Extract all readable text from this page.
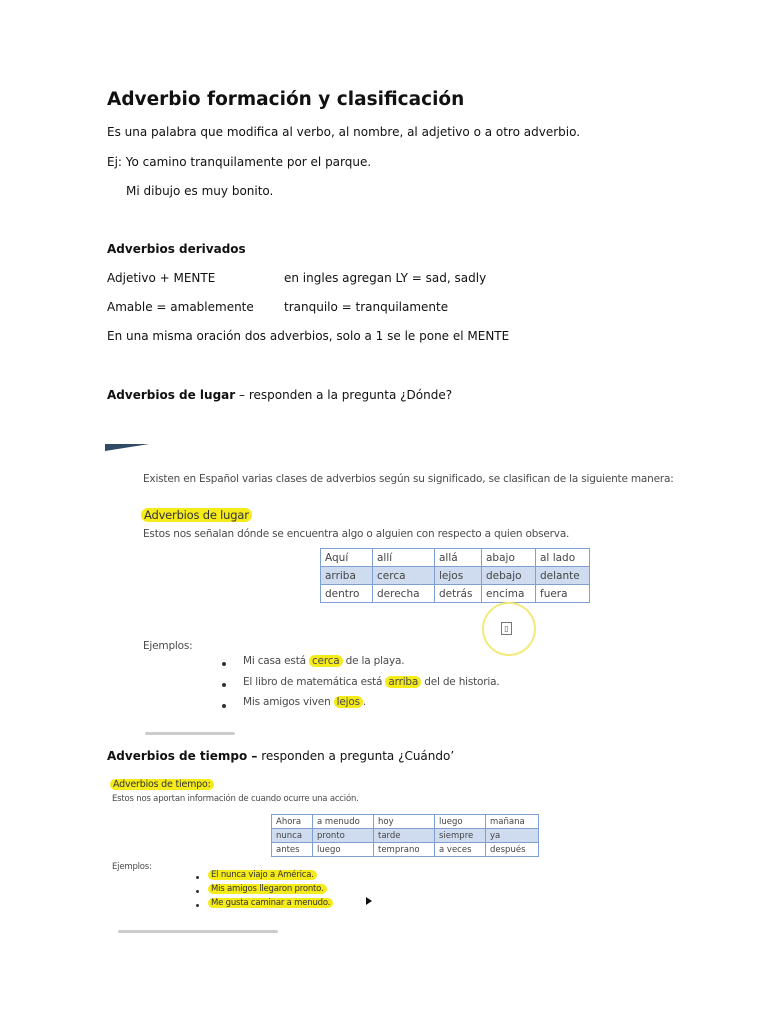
Adverbio formación y clasificación
Es una palabra que modifica al verbo, al nombre, al adjetivo o a otro adverbio.
Ej: Yo camino tranquilamente por el parque.
Mi dibujo es muy bonito.
Adverbios derivados
Adjetivo + MENTE	en ingles agregan LY = sad, sadly
Amable = amablemente	tranquilo = tranquilamente
En una misma oración dos adverbios, solo a 1 se le pone el MENTE
Adverbios de lugar – responden a la pregunta ¿Dónde?
Existen en Español varias clases de adverbios según su significado, se clasifican de la siguiente manera:
Adverbios de lugar
Estos nos señalan dónde se encuentra algo o alguien con respecto a quien observa.
Aquí	allí	allá	abajo	al lado
arriba	cerca	lejos	debajo	delante
dentro	derecha	detrás	encima	fuera
▯
Ejemplos:
Mi casa está cerca de la playa.
El libro de matemática está arriba del de historia.
Mis amigos viven lejos .
Adverbios de tiempo – responden a pregunta ¿Cuándo’
Adverbios de tiempo:
Estos nos aportan información de cuando ocurre una acción.
Ahora	a menudo	hoy	luego	mañana
nunca	pronto	tarde	siempre	ya
antes	luego	temprano	a veces	después
Ejemplos:
El nunca viajo a América.
Mis amigos llegaron pronto.
Me gusta caminar a menudo.
